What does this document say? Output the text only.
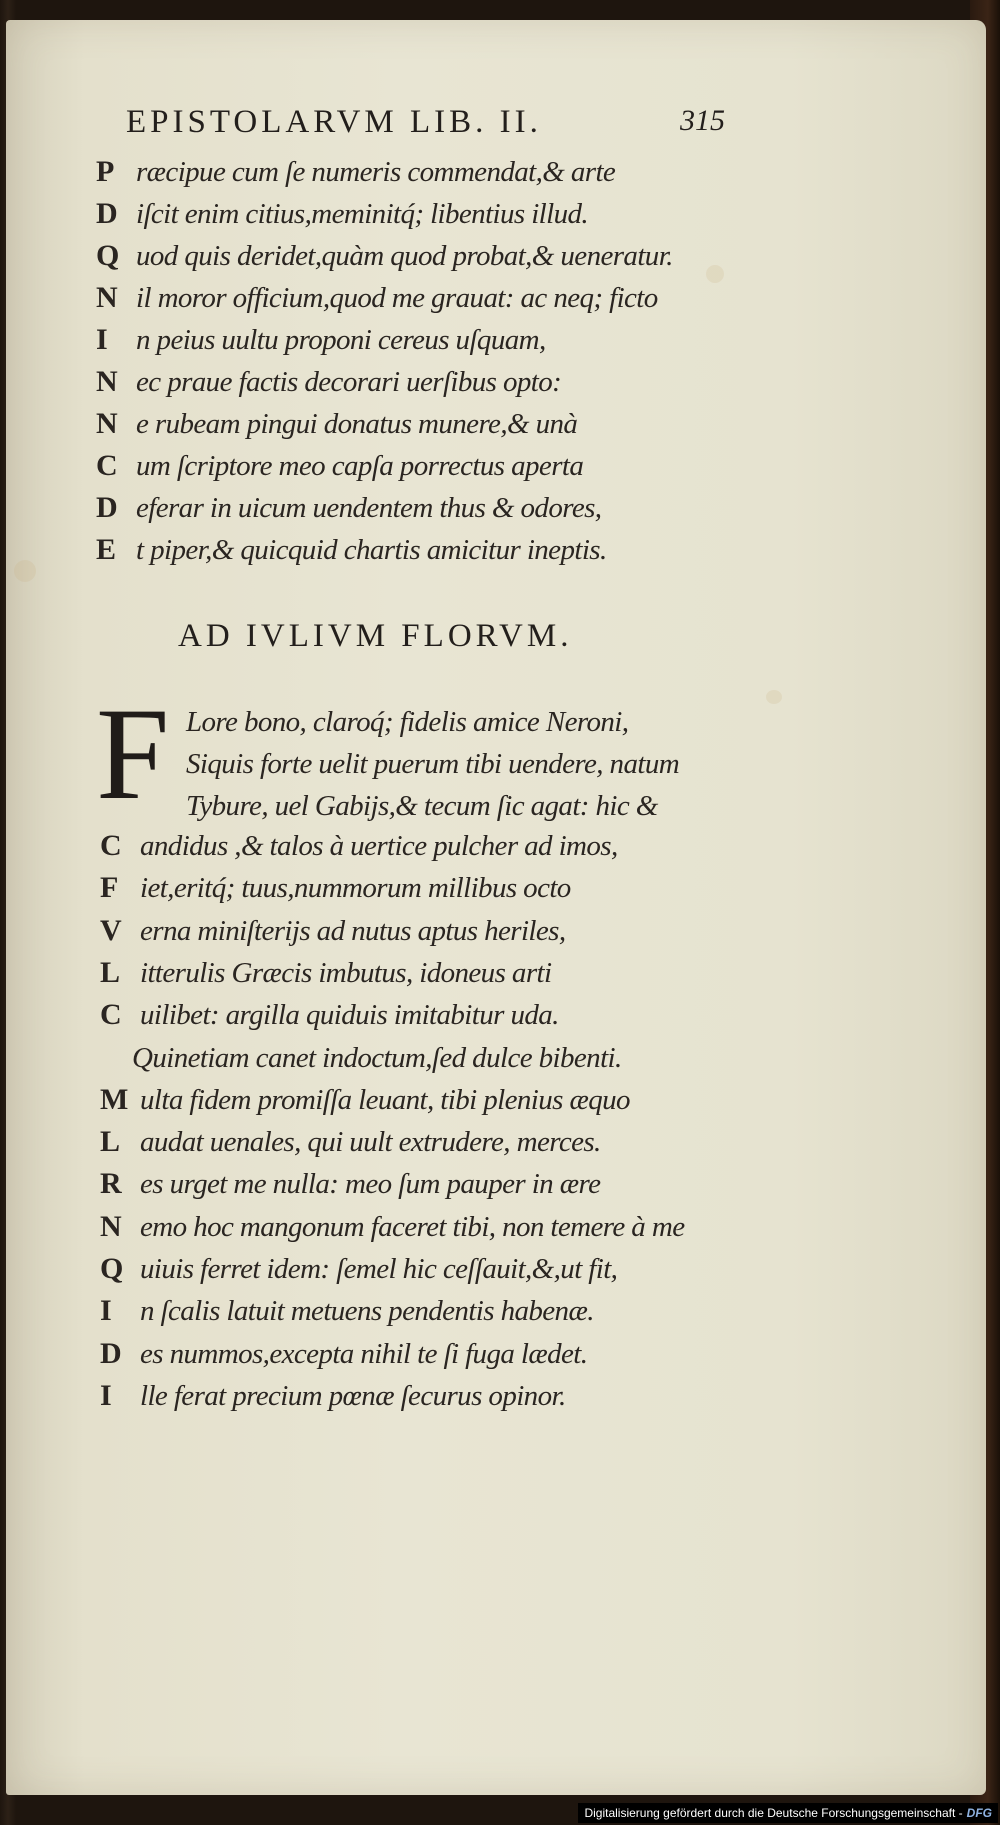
EPISTOLARVM LIB. II.	315
P ræcipue cum ſe numeris commendat,& arte
D iſcit enim citius,meminitq́; libentius illud.
Q uod quis deridet,quàm quod probat,& ueneratur.
N il moror officium,quod me grauat: ac neq; ficto
I n peius uultu proponi cereus uſquam,
N ec praue factis decorari uerſibus opto:
N e rubeam pingui donatus munere,& unà
C um ſcriptore meo capſa porrectus aperta
D eferar in uicum uendentem thus & odores,
E t piper,& quicquid chartis amicitur ineptis.
AD IVLIVM FLORVM.
F Lore bono, claroq́; fidelis amice Neroni,
Siquis forte uelit puerum tibi uendere, natum
Tybure, uel Gabijs,& tecum ſic agat: hic &
C andidus ,& talos à uertice pulcher ad imos,
F iet,eritq́; tuus,nummorum millibus octo
V erna miniſterijs ad nutus aptus heriles,
L itterulis Græcis imbutus, idoneus arti
C uilibet: argilla quiduis imitabitur uda.
Quinetiam canet indoctum,ſed dulce bibenti.
M ulta fidem promiſſa leuant, tibi plenius æquo
L audat uenales, qui uult extrudere, merces.
R es urget me nulla: meo ſum pauper in ære
N emo hoc mangonum faceret tibi, non temere à me
Q uiuis ferret idem: ſemel hic ceſſauit,&,ut fit,
I n ſcalis latuit metuens pendentis habenæ.
D es nummos,excepta nihil te ſi fuga lædet.
I lle ferat precium pœnæ ſecurus opinor.
Digitalisierung gefördert durch die Deutsche Forschungsgemeinschaft - DFG
